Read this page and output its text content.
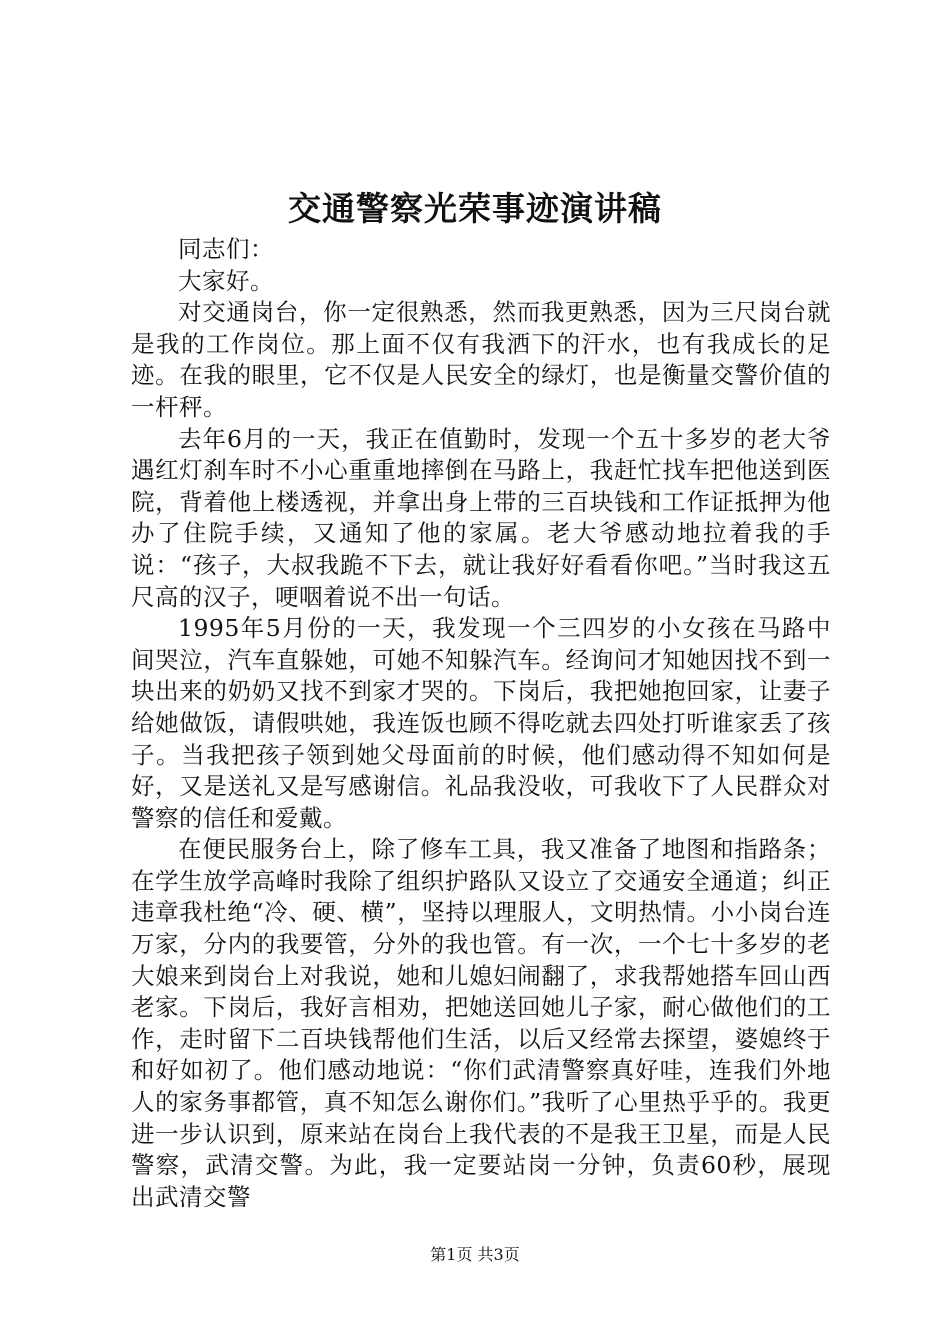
交通警察光荣事迹演讲稿

同志们：

大家好。

对交通岗台，你一定很熟悉，然而我更熟悉，因为三尺岗台就是我的工作岗位。那上面不仅有我洒下的汗水，也有我成长的足迹。在我的眼里，它不仅是人民安全的绿灯，也是衡量交警价值的一杆秤。

去年6月的一天，我正在值勤时，发现一个五十多岁的老大爷遇红灯刹车时不小心重重地摔倒在马路上，我赶忙找车把他送到医院，背着他上楼透视，并拿出身上带的三百块钱和工作证抵押为他办了住院手续，又通知了他的家属。老大爷感动地拉着我的手说：“孩子，大叔我跪不下去，就让我好好看看你吧。”当时我这五尺高的汉子，哽咽着说不出一句话。

1995年5月份的一天，我发现一个三四岁的小女孩在马路中间哭泣，汽车直躲她，可她不知躲汽车。经询问才知她因找不到一块出来的奶奶又找不到家才哭的。下岗后，我把她抱回家，让妻子给她做饭，请假哄她，我连饭也顾不得吃就去四处打听谁家丢了孩子。当我把孩子领到她父母面前的时候，他们感动得不知如何是好，又是送礼又是写感谢信。礼品我没收，可我收下了人民群众对警察的信任和爱戴。

在便民服务台上，除了修车工具，我又准备了地图和指路条；在学生放学高峰时我除了组织护路队又设立了交通安全通道；纠正违章我杜绝“冷、硬、横”，坚持以理服人，文明热情。小小岗台连万家，分内的我要管，分外的我也管。有一次，一个七十多岁的老大娘来到岗台上对我说，她和儿媳妇闹翻了，求我帮她搭车回山西老家。下岗后，我好言相劝，把她送回她儿子家，耐心做他们的工作，走时留下二百块钱帮他们生活，以后又经常去探望，婆媳终于和好如初了。他们感动地说：“你们武清警察真好哇，连我们外地人的家务事都管，真不知怎么谢你们。”我听了心里热乎乎的。我更进一步认识到，原来站在岗台上我代表的不是我王卫星，而是人民警察，武清交警。为此，我一定要站岗一分钟，负责60秒，展现出武清交警

第1页 共3页
